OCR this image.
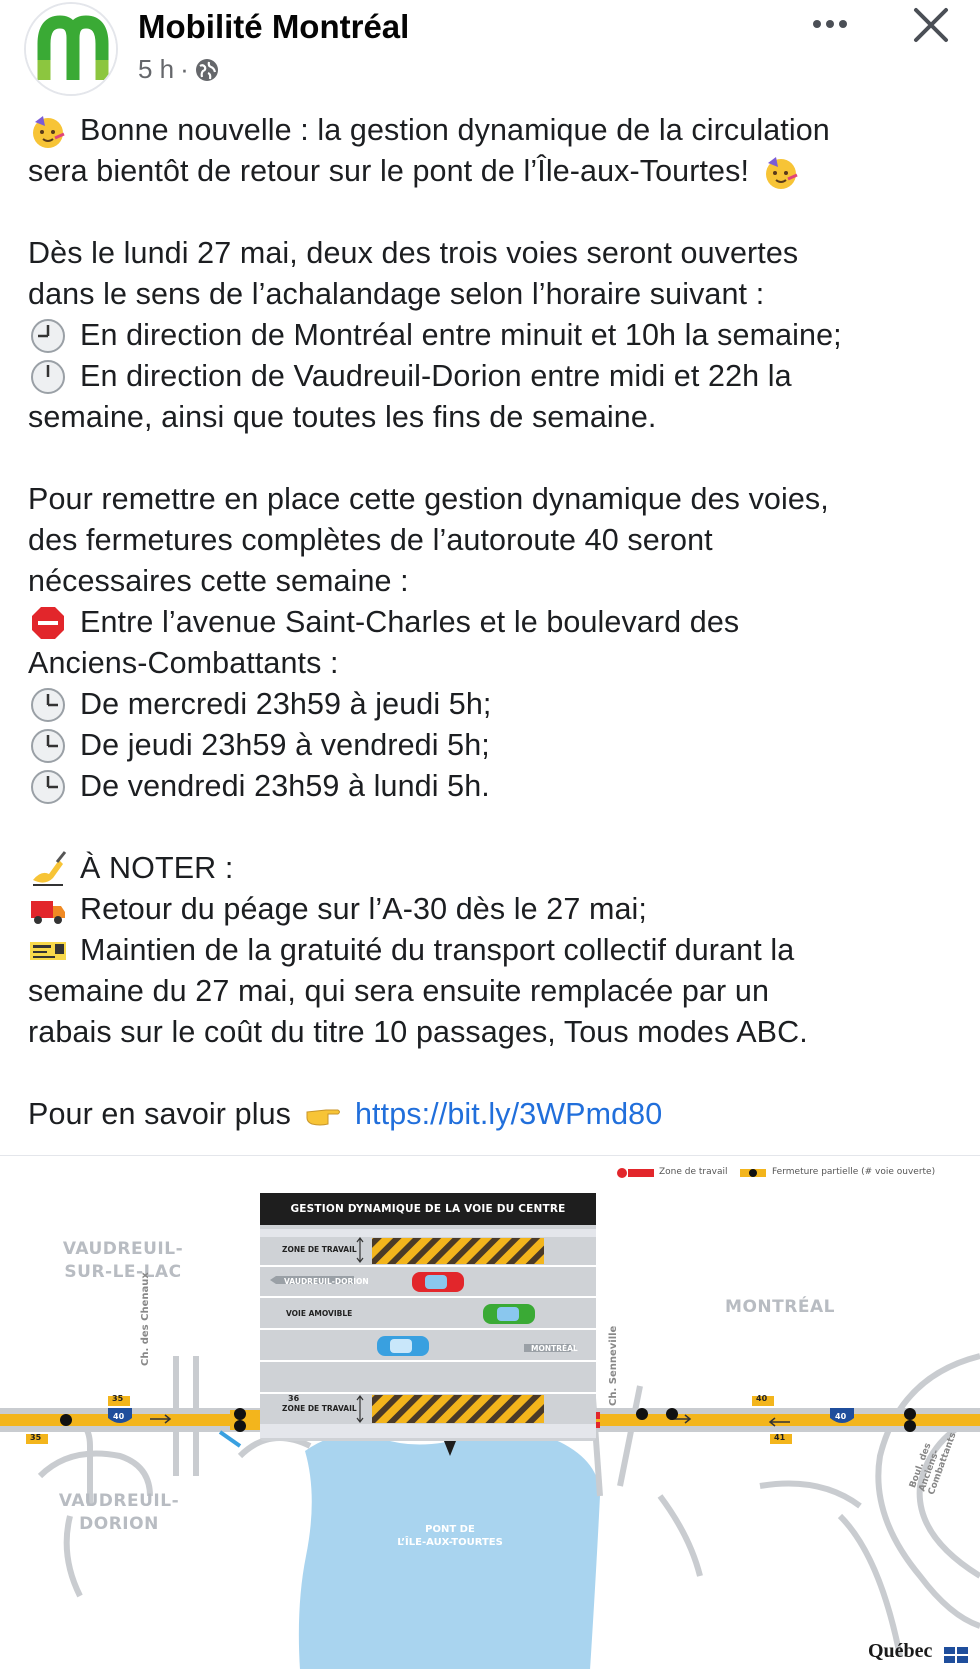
Mobilité Montréal
5 h ·
Bonne nouvelle : la gestion dynamique de la circulation
sera bientôt de retour sur le pont de l’Île-aux-Tourtes!
Dès le lundi 27 mai, deux des trois voies seront ouvertes
dans le sens de l’achalandage selon l’horaire suivant :
En direction de Montréal entre minuit et 10h la semaine;
En direction de Vaudreuil-Dorion entre midi et 22h la
semaine, ainsi que toutes les fins de semaine.
Pour remettre en place cette gestion dynamique des voies,
des fermetures complètes de l’autoroute 40 seront
nécessaires cette semaine :
Entre l’avenue Saint-Charles et le boulevard des
Anciens-Combattants :
De mercredi 23h59 à jeudi 5h;
De jeudi 23h59 à vendredi 5h;
De vendredi 23h59 à lundi 5h.
À NOTER :
Retour du péage sur l’A-30 dès le 27 mai;
Maintien de la gratuité du transport collectif durant la
semaine du 27 mai, qui sera ensuite remplacée par un
rabais sur le coût du titre 10 passages, Tous modes ABC.
Pour en savoir plus https://bit.ly/3WPmd80
GESTION DYNAMIQUE DE LA VOIE DU CENTRE
ZONE DE TRAVAIL
VAUDREUIL-DORION
VOIE AMOVIBLE
MONTRÉAL
ZONE DE TRAVAIL
Zone de travail	Fermeture partielle (# voie ouverte)
VAUDREUIL-
SUR-LE-LAC
MONTRÉAL
VAUDREUIL-
DORION	PONT DE
L’ÎLE-AUX-TOURTES
Ch. des Chenaux	Ch. Senneville
Boul. des Anciens-Combattants
35
35
36	40
41
40	40
Québec
